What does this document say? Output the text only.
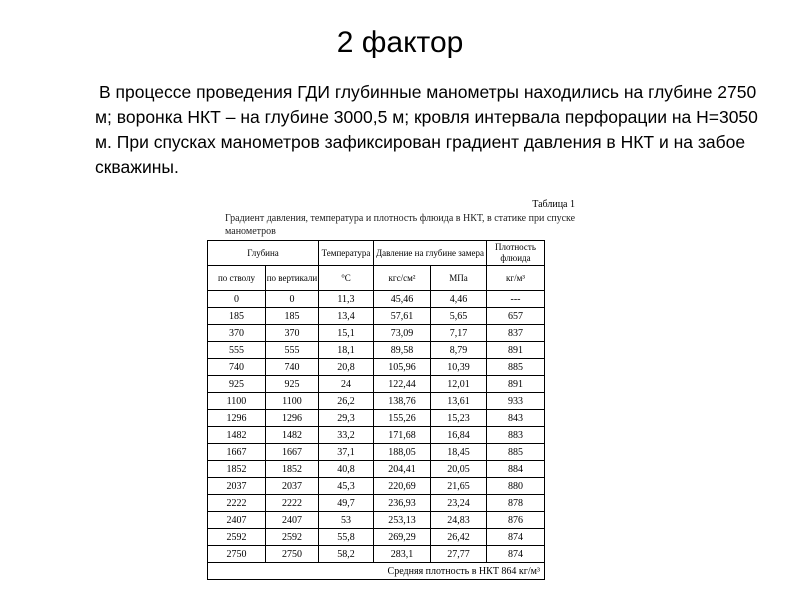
2 фактор
В процессе проведения ГДИ глубинные манометры находились на глубине 2750 м; воронка НКТ – на глубине 3000,5 м; кровля интервала перфорации на Н=3050 м. При спусках манометров зафиксирован градиент давления в НКТ и на забое скважины.
Таблица 1
Градиент давления, температура и плотность флюида в НКТ, в статике при спуске манометров
Глубина		Температура	Давление на глубине замера		Плотность флюида
по стволу	по вертикали	°С	кгс/см²	МПа	кг/м³
0	0	11,3	45,46	4,46	---
185	185	13,4	57,61	5,65	657
370	370	15,1	73,09	7,17	837
555	555	18,1	89,58	8,79	891
740	740	20,8	105,96	10,39	885
925	925	24	122,44	12,01	891
1100	1100	26,2	138,76	13,61	933
1296	1296	29,3	155,26	15,23	843
1482	1482	33,2	171,68	16,84	883
1667	1667	37,1	188,05	18,45	885
1852	1852	40,8	204,41	20,05	884
2037	2037	45,3	220,69	21,65	880
2222	2222	49,7	236,93	23,24	878
2407	2407	53	253,13	24,83	876
2592	2592	55,8	269,29	26,42	874
2750	2750	58,2	283,1	27,77	874
Средняя плотность в НКТ 864 кг/м³					
